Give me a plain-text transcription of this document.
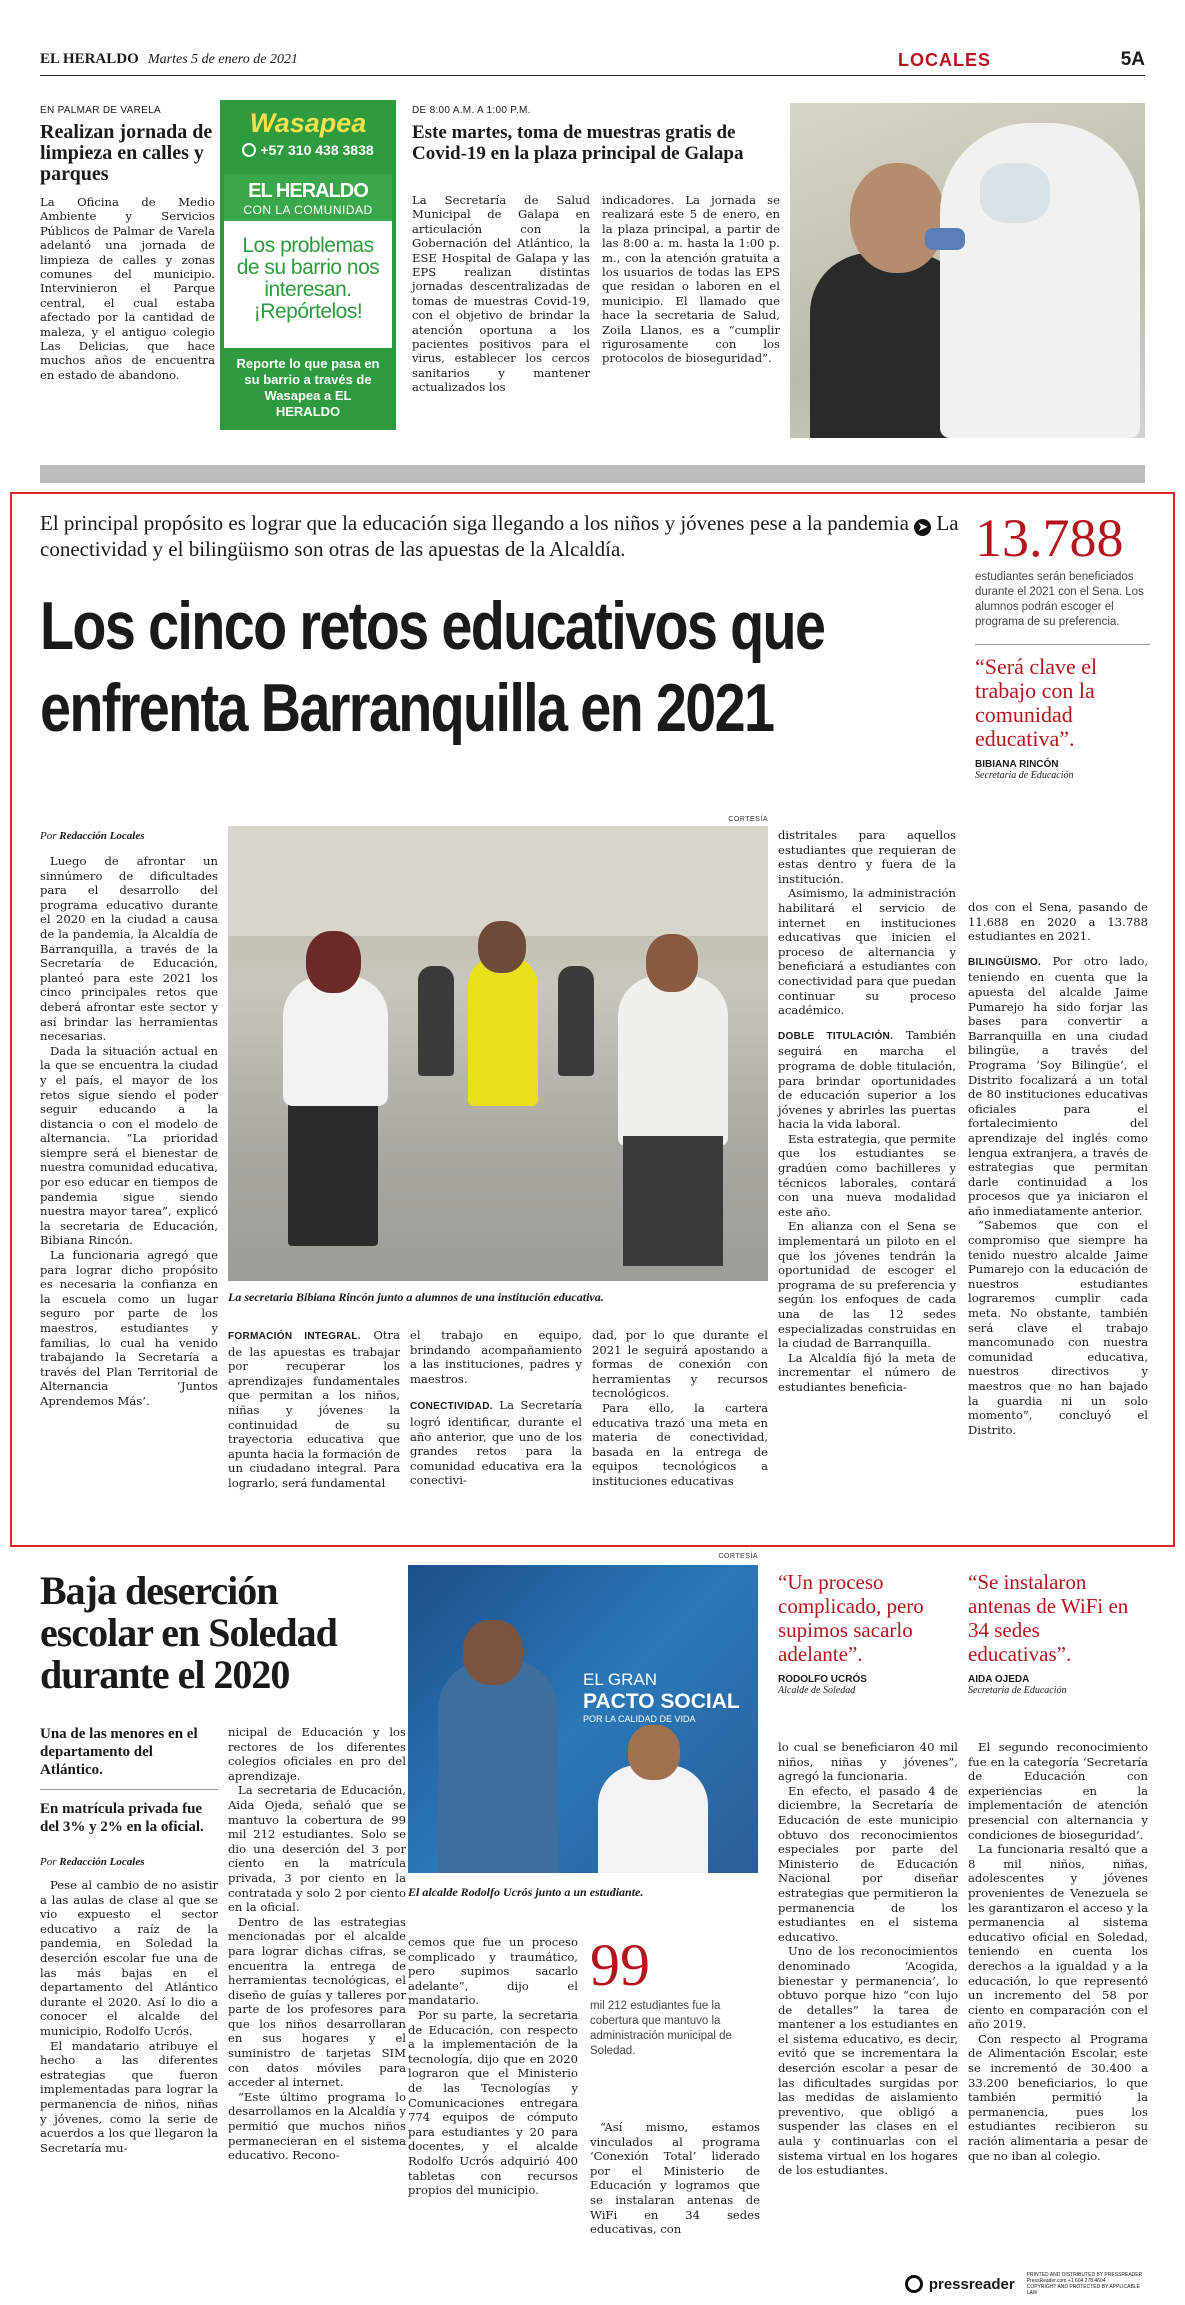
EL HERALDO Martes 5 de enero de 2021	LOCALES	5A
EN PALMAR DE VARELA
Realizan jornada de limpieza en calles y parques
La Oficina de Medio Ambiente y Servicios Públicos de Palmar de Varela adelantó una jornada de limpieza de calles y zonas comunes del municipio. Intervinieron el Parque central, el cual estaba afectado por la cantidad de maleza, y el antiguo colegio Las Delicias, que hace muchos años de encuentra en estado de abandono.
Wasapea
+57 310 438 3838
EL HERALDO
CON LA COMUNIDAD
Los problemas de su barrio nos interesan. ¡Repórtelos!
Reporte lo que pasa en su barrio a través de Wasapea a EL HERALDO
DE 8:00 A.M. A 1:00 P.M.
Este martes, toma de muestras gratis de Covid-19 en la plaza principal de Galapa
La Secretaría de Salud Municipal de Galapa en articulación con la Gobernación del Atlántico, la ESE Hospital de Galapa y las EPS realizan distintas jornadas descentralizadas de tomas de muestras Covid-19, con el objetivo de brindar la atención oportuna a los pacientes positivos para el virus, establecer los cercos sanitarios y mantener actualizados los
indicadores. La jornada se realizará este 5 de enero, en la plaza principal, a partir de las 8:00 a. m. hasta la 1:00 p. m., con la atención gratuita a los usuarios de todas las EPS que residan o laboren en el municipio. El llamado que hace la secretaria de Salud, Zoila Llanos, es a “cumplir rigurosamente con los protocolos de bioseguridad”.
El principal propósito es lograr que la educación siga llegando a los niños y jóvenes pese a la pandemia ➤ La conectividad y el bilingüismo son otras de las apuestas de la Alcaldía.
Los cinco retos educativos que
enfrenta Barranquilla en 2021
13.788
estudiantes serán beneficiados durante el 2021 con el Sena. Los alumnos podrán escoger el programa de su preferencia.
“Será clave el trabajo con la comunidad educativa”.
BIBIANA RINCÓN
Secretaria de Educación
Por Redacción Locales

Luego de afrontar un sinnúmero de dificultades para el desarrollo del programa educativo durante el 2020 en la ciudad a causa de la pandemia, la Alcaldía de Barranquilla, a través de la Secretaría de Educación, planteó para este 2021 los cinco principales retos que deberá afrontar este sector y así brindar las herramientas necesarias.

Dada la situación actual en la que se encuentra la ciudad y el país, el mayor de los retos sigue siendo el poder seguir educando a la distancia o con el modelo de alternancia. “La prioridad siempre será el bienestar de nuestra comunidad educativa, por eso educar en tiempos de pandemia sigue siendo nuestra mayor tarea”, explicó la secretaria de Educación, Bibiana Rincón.

La funcionaria agregó que para lograr dicho propósito es necesaria la confianza en la escuela como un lugar seguro por parte de los maestros, estudiantes y familias, lo cual ha venido trabajando la Secretaría a través del Plan Territorial de Alternancia ‘Juntos Aprendemos Más’.

CORTESÍA
La secretaria Bibiana Rincón junto a alumnos de una institución educativa.

FORMACIÓN INTEGRAL. Otra de las apuestas es trabajar por recuperar los aprendizajes fundamentales que permitan a los niños, niñas y jóvenes la continuidad de su trayectoria educativa que apunta hacia la formación de un ciudadano integral. Para lograrlo, será fundamental

el trabajo en equipo, brindando acompañamiento a las instituciones, padres y maestros.

CONECTIVIDAD. La Secretaría logró identificar, durante el año anterior, que uno de los grandes retos para la comunidad educativa era la conectivi-

dad, por lo que durante el 2021 le seguirá apostando a formas de conexión con herramientas y recursos tecnológicos.

Para ello, la cartera educativa trazó una meta en materia de conectividad, basada en la entrega de equipos tecnológicos a instituciones educativas

distritales para aquellos estudiantes que requieran de estas dentro y fuera de la institución.

Asimismo, la administración habilitará el servicio de internet en instituciones educativas que inicien el proceso de alternancia y beneficiará a estudiantes con conectividad para que puedan continuar su proceso académico.

DOBLE TITULACIÓN. También seguirá en marcha el programa de doble titulación, para brindar oportunidades de educación superior a los jóvenes y abrirles las puertas hacia la vida laboral.

Esta estrategia, que permite que los estudiantes se gradúen como bachilleres y técnicos laborales, contará con una nueva modalidad este año.

En alianza con el Sena se implementará un piloto en el que los jóvenes tendrán la oportunidad de escoger el programa de su preferencia y según los enfoques de cada una de las 12 sedes especializadas construidas en la ciudad de Barranquilla.

La Alcaldía fijó la meta de incrementar el número de estudiantes beneficia-

dos con el Sena, pasando de 11.688 en 2020 a 13.788 estudiantes en 2021.

BILINGÜISMO. Por otro lado, teniendo en cuenta que la apuesta del alcalde Jaime Pumarejo ha sido forjar las bases para convertir a Barranquilla en una ciudad bilingüe, a través del Programa ‘Soy Bilingüe’, el Distrito focalizará a un total de 80 instituciones educativas oficiales para el fortalecimiento del aprendizaje del inglés como lengua extranjera, a través de estrategias que permitan darle continuidad a los procesos que ya iniciaron el año inmediatamente anterior.

“Sabemos que con el compromiso que siempre ha tenido nuestro alcalde Jaime Pumarejo con la educación de nuestros estudiantes lograremos cumplir cada meta. No obstante, también será clave el trabajo mancomunado con nuestra comunidad educativa, nuestros directivos y maestros que no han bajado la guardia ni un solo momento”, concluyó el Distrito.

Baja deserción escolar en Soledad durante el 2020
Una de las menores en el departamento del Atlántico.
En matrícula privada fue del 3% y 2% en la oficial.
Por Redacción Locales

Pese al cambio de no asistir a las aulas de clase al que se vio expuesto el sector educativo a raíz de la pandemia, en Soledad la deserción escolar fue una de las más bajas en el departamento del Atlántico durante el 2020. Así lo dio a conocer el alcalde del municipio, Rodolfo Ucrós.

El mandatario atribuye el hecho a las diferentes estrategias que fueron implementadas para lograr la permanencia de niños, niñas y jóvenes, como la serie de acuerdos a los que llegaron la Secretaría mu-

nicipal de Educación y los rectores de los diferentes colegios oficiales en pro del aprendizaje.

La secretaria de Educación, Aida Ojeda, señaló que se mantuvo la cobertura de 99 mil 212 estudiantes. Solo se dio una deserción del 3 por ciento en la matrícula privada, 3 por ciento en la contratada y solo 2 por ciento en la oficial.

Dentro de las estrategias mencionadas por el alcalde para lograr dichas cifras, se encuentra la entrega de herramientas tecnológicas, el diseño de guías y talleres por parte de los profesores para que los niños desarrollaran en sus hogares y el suministro de tarjetas SIM con datos móviles para acceder al internet.

“Este último programa lo desarrollamos en la Alcaldía y permitió que muchos niños permanecieran en el sistema educativo. Recono-

CORTESÍA
EL GRAN
PACTO SOCIAL
POR LA CALIDAD DE VIDA
El alcalde Rodolfo Ucrós junto a un estudiante.

cemos que fue un proceso complicado y traumático, pero supimos sacarlo adelante”, dijo el mandatario.

Por su parte, la secretaria de Educación, con respecto a la implementación de la tecnología, dijo que en 2020 lograron que el Ministerio de las Tecnologías y Comunicaciones entregara 774 equipos de cómputo para estudiantes y 20 para docentes, y el alcalde Rodolfo Ucrós adquirió 400 tabletas con recursos propios del municipio.

99
mil 212 estudiantes fue la cobertura que mantuvo la administración municipal de Soledad.

“Así mismo, estamos vinculados al programa ‘Conexión Total’ liderado por el Ministerio de Educación y logramos que se instalaran antenas de WiFi en 34 sedes educativas, con

“Un proceso complicado, pero supimos sacarlo adelante”.
RODOLFO UCRÓS
Alcalde de Soledad

lo cual se beneficiaron 40 mil niños, niñas y jóvenes”, agregó la funcionaria.

En efecto, el pasado 4 de diciembre, la Secretaría de Educación de este municipio obtuvo dos reconocimientos especiales por parte del Ministerio de Educación Nacional por diseñar estrategias que permitieron la permanencia de los estudiantes en el sistema educativo.

Uno de los reconocimientos denominado ‘Acogida, bienestar y permanencia’, lo obtuvo porque hizo “con lujo de detalles” la tarea de mantener a los estudiantes en el sistema educativo, es decir, evitó que se incrementara la deserción escolar a pesar de las dificultades surgidas por las medidas de aislamiento preventivo, que obligó a suspender las clases en el aula y continuarlas con el sistema virtual en los hogares de los estudiantes.

“Se instalaron antenas de WiFi en 34 sedes educativas”.
AIDA OJEDA
Secretaria de Educación

El segundo reconocimiento fue en la categoría ‘Secretaría de Educación con experiencias en la implementación de atención presencial con alternancia y condiciones de bioseguridad’.

La funcionaria resaltó que a 8 mil niños, niñas, adolescentes y jóvenes provenientes de Venezuela se les garantizaron el acceso y la permanencia al sistema educativo oficial en Soledad, teniendo en cuenta los derechos a la igualdad y a la educación, lo que representó un incremento del 58 por ciento en comparación con el año 2019.

Con respecto al Programa de Alimentación Escolar, este se incrementó de 30.400 a 33.200 beneficiarios, lo que también permitió la permanencia, pues los estudiantes recibieron su ración alimentaria a pesar de que no iban al colegio.

pressreader
PRINTED AND DISTRIBUTED BY PRESSREADER
PressReader.com +1 604 278 4604
COPYRIGHT AND PROTECTED BY APPLICABLE LAW
